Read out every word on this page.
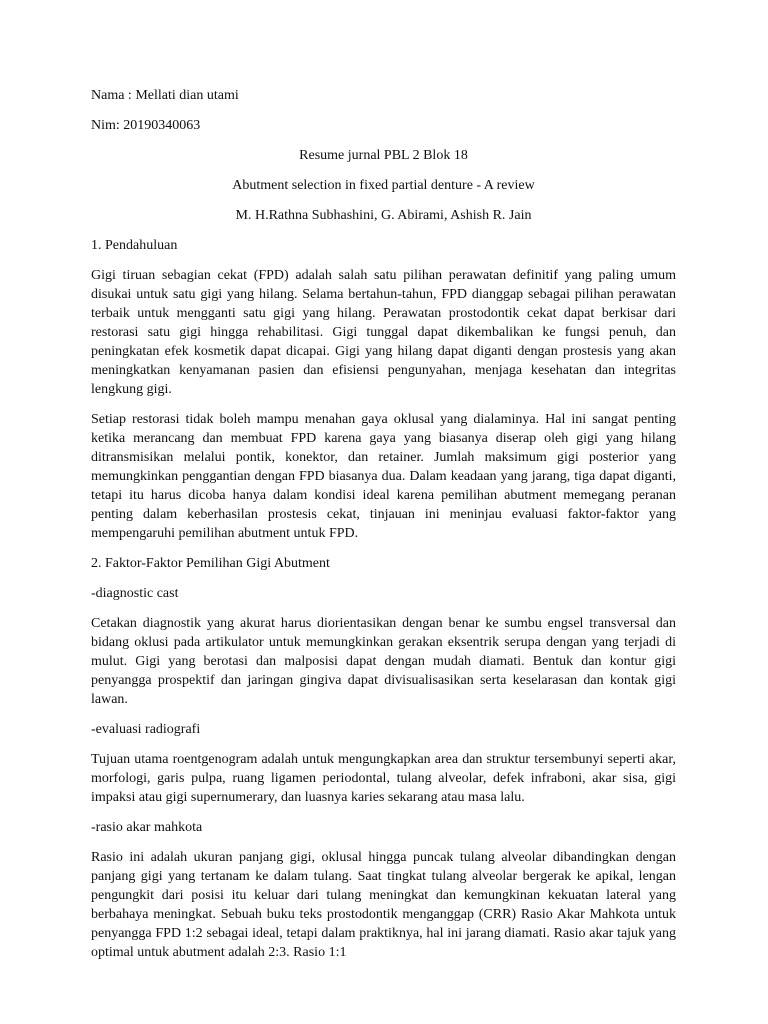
Nama : Mellati dian utami

Nim: 20190340063

Resume jurnal PBL 2 Blok 18

Abutment selection in fixed partial denture - A review

M. H.Rathna Subhashini, G. Abirami, Ashish R. Jain

1. Pendahuluan

Gigi tiruan sebagian cekat (FPD) adalah salah satu pilihan perawatan definitif yang paling umum disukai untuk satu gigi yang hilang. Selama bertahun-tahun, FPD dianggap sebagai pilihan perawatan terbaik untuk mengganti satu gigi yang hilang. Perawatan prostodontik cekat dapat berkisar dari restorasi satu gigi hingga rehabilitasi. Gigi tunggal dapat dikembalikan ke fungsi penuh, dan peningkatan efek kosmetik dapat dicapai. Gigi yang hilang dapat diganti dengan prostesis yang akan meningkatkan kenyamanan pasien dan efisiensi pengunyahan, menjaga kesehatan dan integritas lengkung gigi.

Setiap restorasi tidak boleh mampu menahan gaya oklusal yang dialaminya. Hal ini sangat penting ketika merancang dan membuat FPD karena gaya yang biasanya diserap oleh gigi yang hilang ditransmisikan melalui pontik, konektor, dan retainer. Jumlah maksimum gigi posterior yang memungkinkan penggantian dengan FPD biasanya dua. Dalam keadaan yang jarang, tiga dapat diganti, tetapi itu harus dicoba hanya dalam kondisi ideal karena pemilihan abutment memegang peranan penting dalam keberhasilan prostesis cekat, tinjauan ini meninjau evaluasi faktor-faktor yang mempengaruhi pemilihan abutment untuk FPD.

2. Faktor-Faktor Pemilihan Gigi Abutment

-diagnostic cast

Cetakan diagnostik yang akurat harus diorientasikan dengan benar ke sumbu engsel transversal dan bidang oklusi pada artikulator untuk memungkinkan gerakan eksentrik serupa dengan yang terjadi di mulut. Gigi yang berotasi dan malposisi dapat dengan mudah diamati. Bentuk dan kontur gigi penyangga prospektif dan jaringan gingiva dapat divisualisasikan serta keselarasan dan kontak gigi lawan.

-evaluasi radiografi

Tujuan utama roentgenogram adalah untuk mengungkapkan area dan struktur tersembunyi seperti akar, morfologi, garis pulpa, ruang ligamen periodontal, tulang alveolar, defek infraboni, akar sisa, gigi impaksi atau gigi supernumerary, dan luasnya karies sekarang atau masa lalu.

-rasio akar mahkota

Rasio ini adalah ukuran panjang gigi, oklusal hingga puncak tulang alveolar dibandingkan dengan panjang gigi yang tertanam ke dalam tulang. Saat tingkat tulang alveolar bergerak ke apikal, lengan pengungkit dari posisi itu keluar dari tulang meningkat dan kemungkinan kekuatan lateral yang berbahaya meningkat. Sebuah buku teks prostodontik menganggap (CRR) Rasio Akar Mahkota untuk penyangga FPD 1:2 sebagai ideal, tetapi dalam praktiknya, hal ini jarang diamati. Rasio akar tajuk yang optimal untuk abutment adalah 2:3. Rasio 1:1
